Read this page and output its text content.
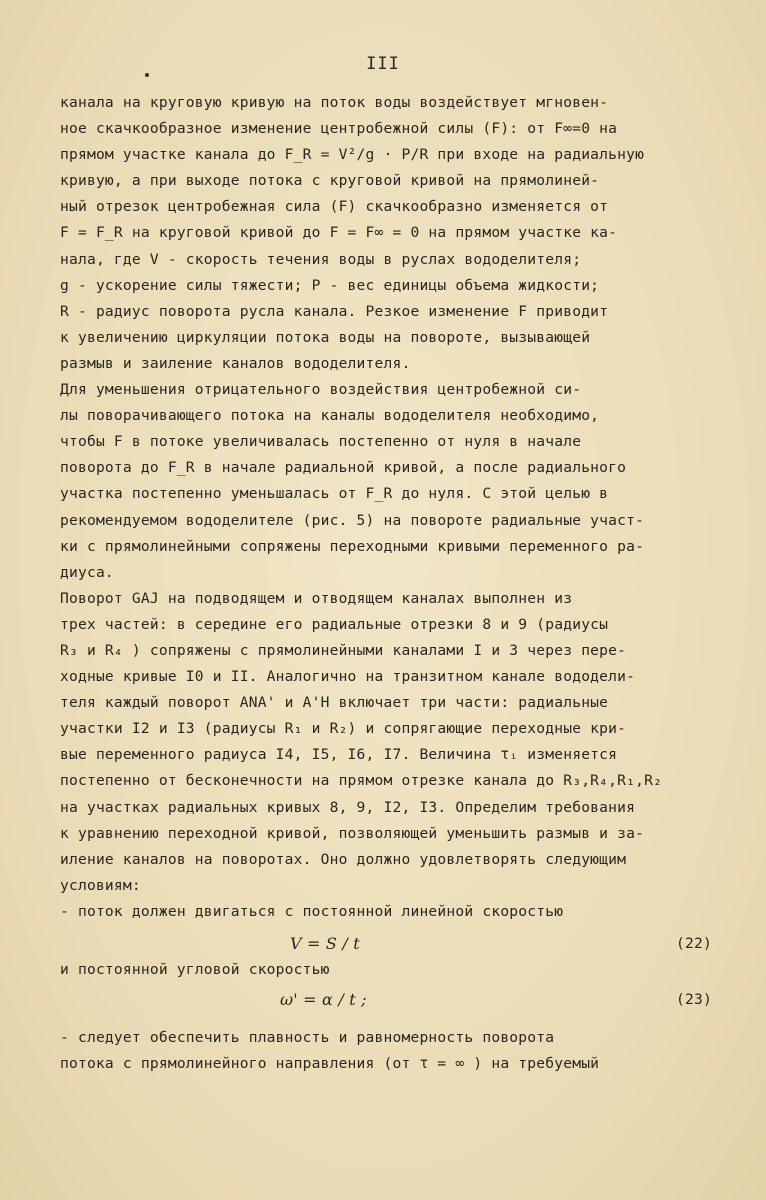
III
канала на круговую кривую на поток воды воздействует мгновен-
ное скачкообразное изменение центробежной силы (F): от F∞=0 на
прямом участке канала до F_R = V²/g · P/R при входе на радиальную
кривую, а при выходе потока с круговой кривой на прямолиней-
ный отрезок центробежная сила (F) скачкообразно изменяется от
F = F_R на круговой кривой до F = F∞ = 0 на прямом участке ка-
нала, где V - скорость течения воды в руслах вододелителя;
g - ускорение силы тяжести; P - вес единицы объема жидкости;
R - радиус поворота русла канала. Резкое изменение F приводит
к увеличению циркуляции потока воды на повороте, вызывающей
размыв и заиление каналов вододелителя.
Для уменьшения отрицательного воздействия центробежной си-
лы поворачивающего потока на каналы вододелителя необходимо,
чтобы F в потоке увеличивалась постепенно от нуля в начале
поворота до F_R в начале радиальной кривой, а после радиального
участка постепенно уменьшалась от F_R до нуля. С этой целью в
рекомендуемом вододелителе (рис. 5) на повороте радиальные участ-
ки с прямолинейными сопряжены переходными кривыми переменного ра-
диуса.
Поворот GAJ на подводящем и отводящем каналах выполнен из
трех частей: в середине его радиальные отрезки 8 и 9 (радиусы
R₃ и R₄ ) сопряжены с прямолинейными каналами I и 3 через пере-
ходные кривые I0 и II. Аналогично на транзитном канале вододели-
теля каждый поворот ANA' и A'H включает три части: радиальные
участки I2 и I3 (радиусы R₁ и R₂) и сопрягающие переходные кри-
вые переменного радиуса I4, I5, I6, I7. Величина τᵢ изменяется
постепенно от бесконечности на прямом отрезке канала до R₃,R₄,R₁,R₂
на участках радиальных кривых 8, 9, I2, I3. Определим требования
к уравнению переходной кривой, позволяющей уменьшить размыв и за-
иление каналов на поворотах. Оно должно удовлетворять следующим
условиям:
- поток должен двигаться с постоянной линейной скоростью
V = S / t	(22)
и постоянной угловой скоростью
ω' = α / t ;	(23)
- следует обеспечить плавность и равномерность поворота
потока с прямолинейного направления (от τ = ∞ ) на требуемый
